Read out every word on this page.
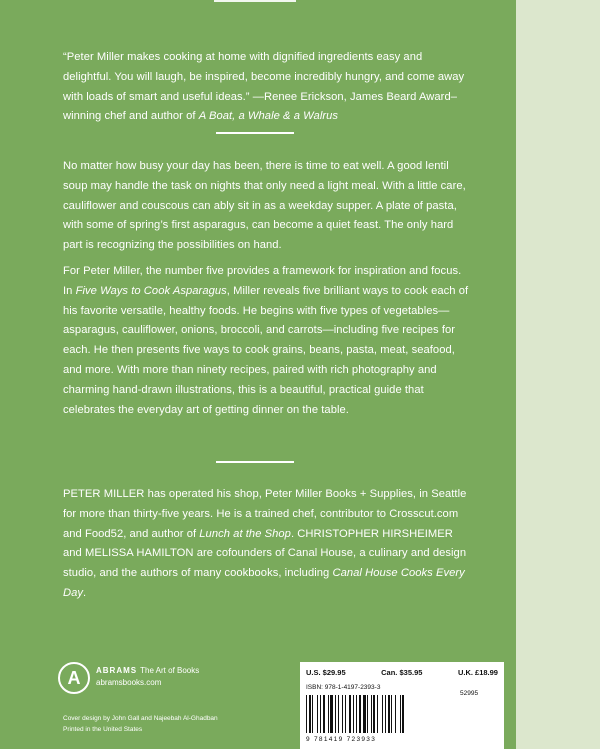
“Peter Miller makes cooking at home with dignified ingredients easy and delightful. You will laugh, be inspired, become incredibly hungry, and come away with loads of smart and useful ideas.” —Renee Erickson, James Beard Award–winning chef and author of A Boat, a Whale & a Walrus

No matter how busy your day has been, there is time to eat well. A good lentil soup may handle the task on nights that only need a light meal. With a little care, cauliflower and couscous can ably sit in as a weekday supper. A plate of pasta, with some of spring’s first asparagus, can become a quiet feast. The only hard part is recognizing the possibilities on hand.

For Peter Miller, the number five provides a framework for inspiration and focus. In Five Ways to Cook Asparagus, Miller reveals five brilliant ways to cook each of his favorite versatile, healthy foods. He begins with five types of vegetables—asparagus, cauliflower, onions, broccoli, and carrots—including five recipes for each. He then presents five ways to cook grains, beans, pasta, meat, seafood, and more. With more than ninety recipes, paired with rich photography and charming hand-drawn illustrations, this is a beautiful, practical guide that celebrates the everyday art of getting dinner on the table.

PETER MILLER has operated his shop, Peter Miller Books + Supplies, in Seattle for more than thirty-five years. He is a trained chef, contributor to Crosscut.com and Food52, and author of Lunch at the Shop. CHRISTOPHER HIRSHEIMER and MELISSA HAMILTON are cofounders of Canal House, a culinary and design studio, and the authors of many cookbooks, including Canal House Cooks Every Day.

A	ABRAMS The Art of Books
abramsbooks.com
Cover design by John Gall and Najeebah Al-Ghadban
Printed in the United States
U.S. $29.95	Can. $35.95	U.K. £18.99
ISBN: 978-1-4197-2393-3
52995
9 781419 723933
